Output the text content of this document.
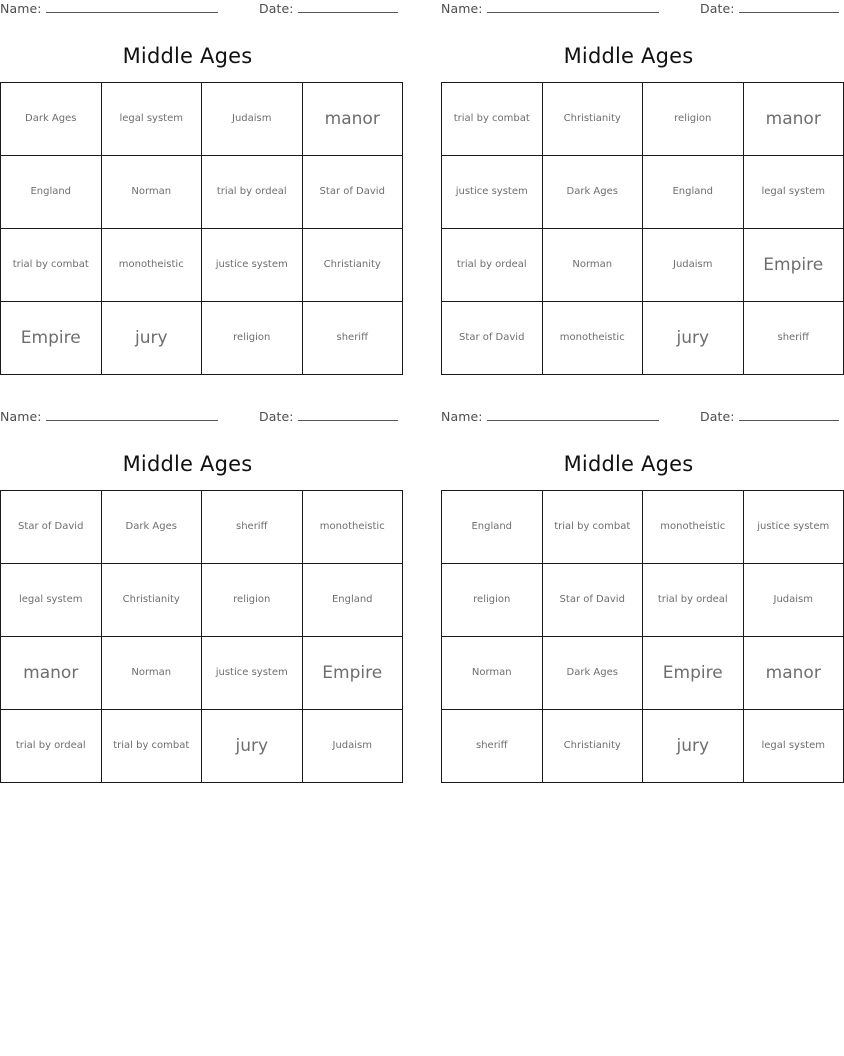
Name:	Date:
Middle Ages
Dark Ages	legal system	Judaism	manor
England	Norman	trial by ordeal	Star of David
trial by combat	monotheistic	justice system	Christianity
Empire	jury	religion	sheriff
Name:	Date:
Middle Ages
trial by combat	Christianity	religion	manor
justice system	Dark Ages	England	legal system
trial by ordeal	Norman	Judaism	Empire
Star of David	monotheistic	jury	sheriff
Name:	Date:
Middle Ages
Star of David	Dark Ages	sheriff	monotheistic
legal system	Christianity	religion	England
manor	Norman	justice system	Empire
trial by ordeal	trial by combat	jury	Judaism
Name:	Date:
Middle Ages
England	trial by combat	monotheistic	justice system
religion	Star of David	trial by ordeal	Judaism
Norman	Dark Ages	Empire	manor
sheriff	Christianity	jury	legal system
